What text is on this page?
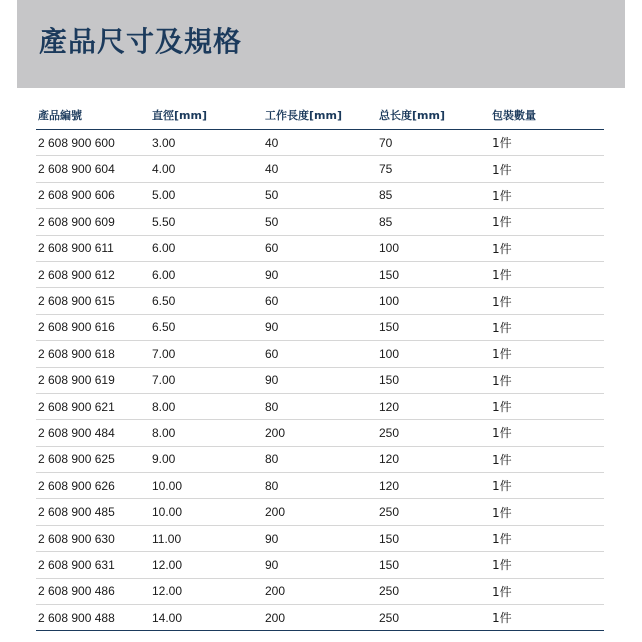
產品尺寸及規格
產品編號	直徑[mm]	工作長度[mm]	总长度[mm]	包裝數量
2 608 900 600	3.00	40	70	1件
2 608 900 604	4.00	40	75	1件
2 608 900 606	5.00	50	85	1件
2 608 900 609	5.50	50	85	1件
2 608 900 611	6.00	60	100	1件
2 608 900 612	6.00	90	150	1件
2 608 900 615	6.50	60	100	1件
2 608 900 616	6.50	90	150	1件
2 608 900 618	7.00	60	100	1件
2 608 900 619	7.00	90	150	1件
2 608 900 621	8.00	80	120	1件
2 608 900 484	8.00	200	250	1件
2 608 900 625	9.00	80	120	1件
2 608 900 626	10.00	80	120	1件
2 608 900 485	10.00	200	250	1件
2 608 900 630	11.00	90	150	1件
2 608 900 631	12.00	90	150	1件
2 608 900 486	12.00	200	250	1件
2 608 900 488	14.00	200	250	1件
